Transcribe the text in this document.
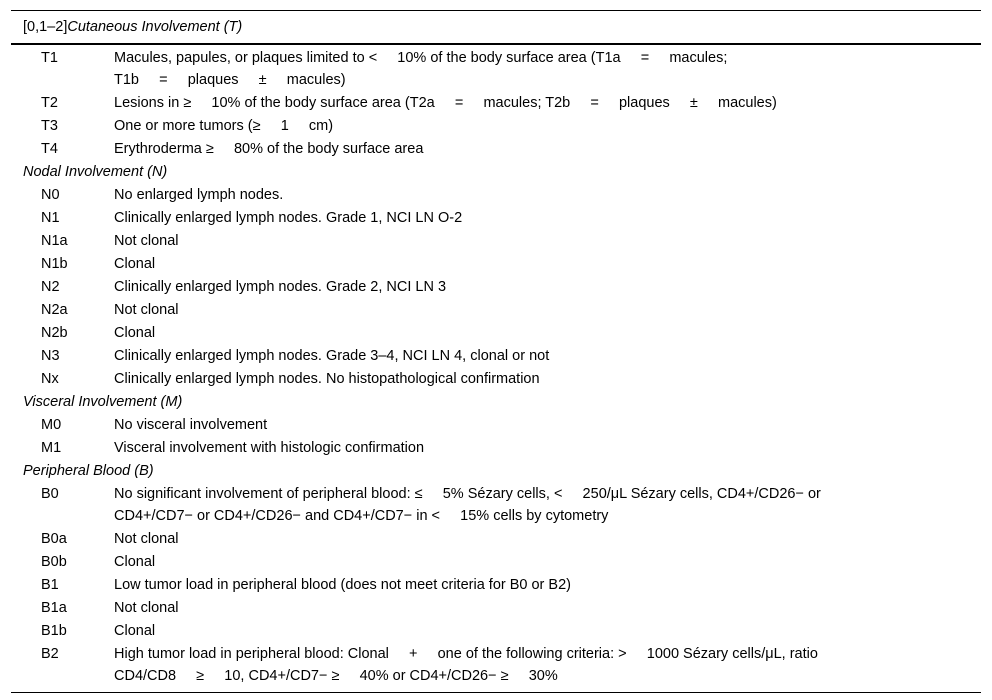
[0,1–2]Cutaneous Involvement (T)
T1	Macules, papules, or plaques limited to <     10% of the body surface area (T1a     =     macules;
T1b     =     plaques     ±     macules)
T2	Lesions in ≥     10% of the body surface area (T2a     =     macules; T2b     =     plaques     ±     macules)
T3	One or more tumors (≥     1     cm)
T4	Erythroderma ≥     80% of the body surface area
Nodal Involvement (N)
N0	No enlarged lymph nodes.
N1	Clinically enlarged lymph nodes. Grade 1, NCI LN O-2
N1a	Not clonal
N1b	Clonal
N2	Clinically enlarged lymph nodes. Grade 2, NCI LN 3
N2a	Not clonal
N2b	Clonal
N3	Clinically enlarged lymph nodes. Grade 3–4, NCI LN 4, clonal or not
Nx	Clinically enlarged lymph nodes. No histopathological confirmation
Visceral Involvement (M)
M0	No visceral involvement
M1	Visceral involvement with histologic confirmation
Peripheral Blood (B)
B0	No significant involvement of peripheral blood: ≤     5% Sézary cells, <     250/μL Sézary cells, CD4+/CD26− or
CD4+/CD7− or CD4+/CD26− and CD4+/CD7− in <     15% cells by cytometry
B0a	Not clonal
B0b	Clonal
B1	Low tumor load in peripheral blood (does not meet criteria for B0 or B2)
B1a	Not clonal
B1b	Clonal
B2	High tumor load in peripheral blood: Clonal     +     one of the following criteria: >     1000 Sézary cells/μL, ratio
CD4/CD8     ≥     10, CD4+/CD7− ≥     40% or CD4+/CD26− ≥     30%
